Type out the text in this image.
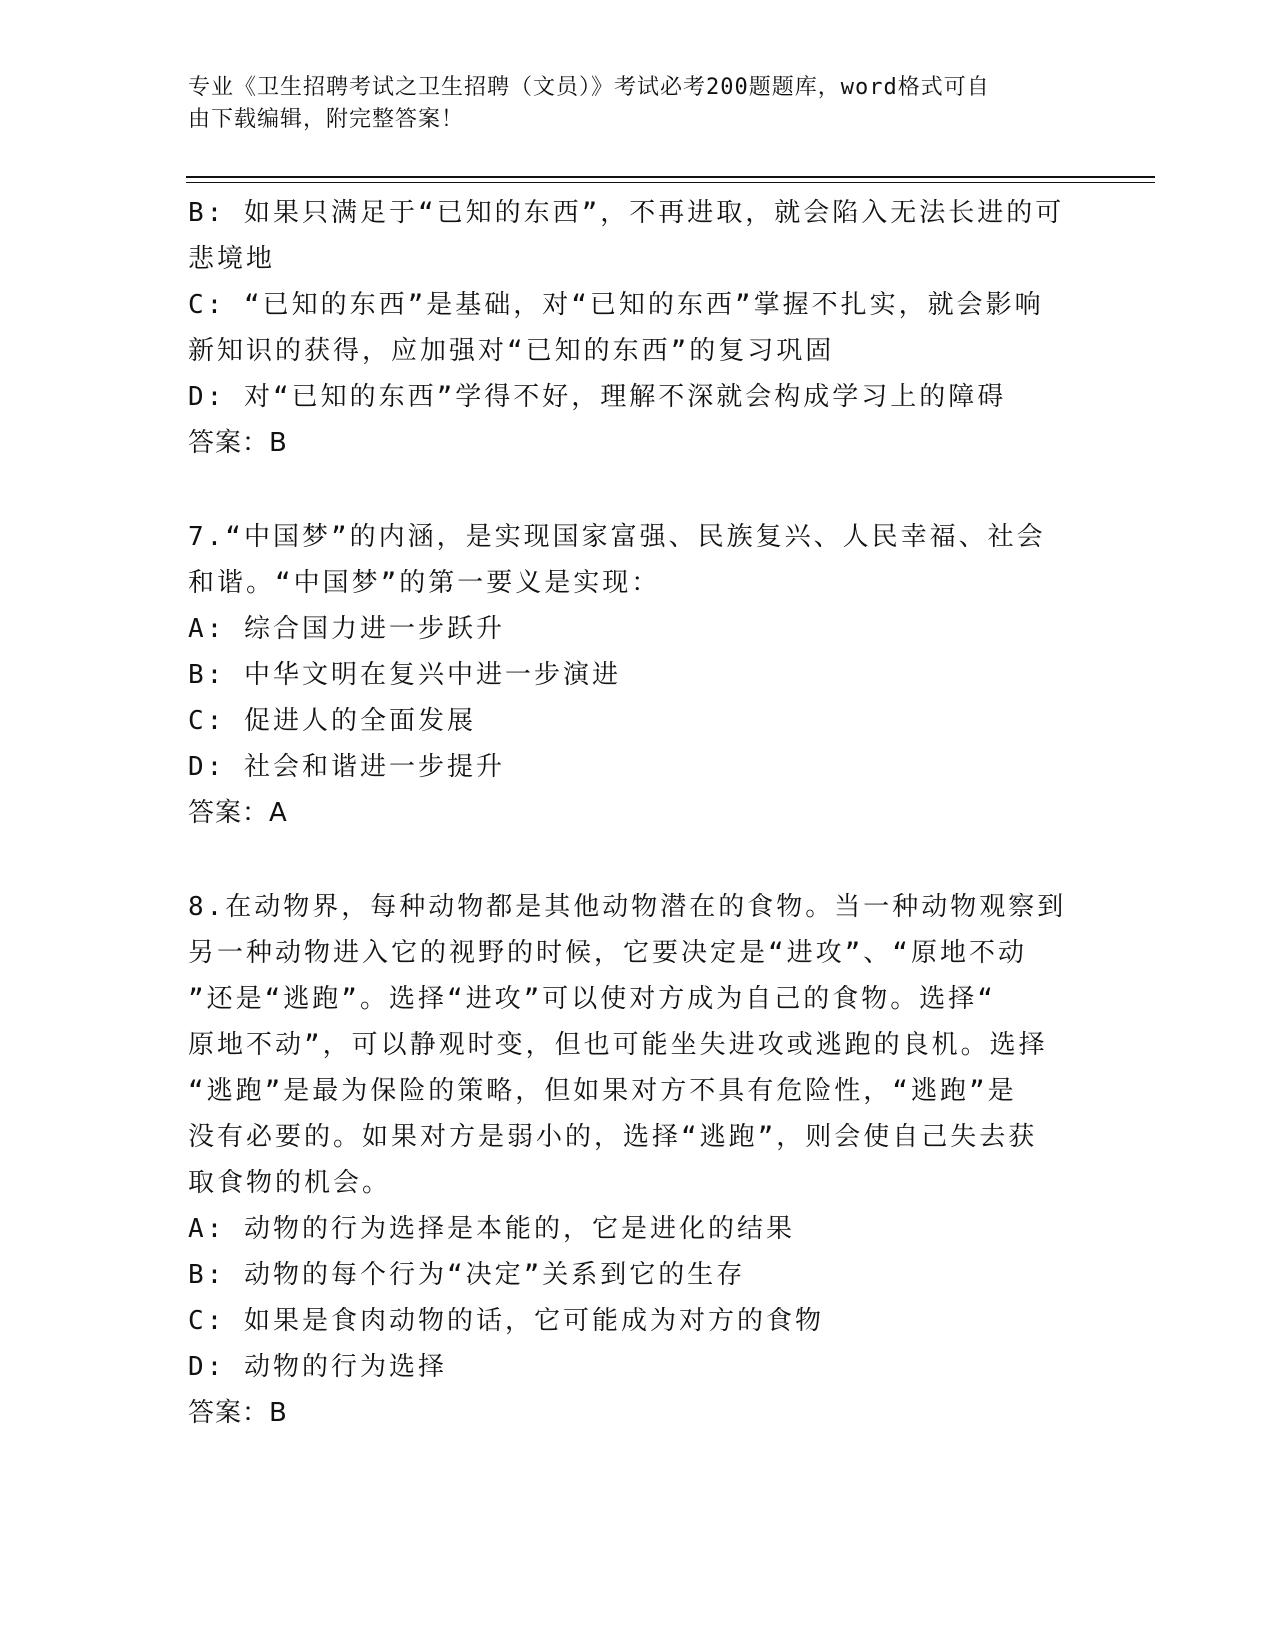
专业《卫生招聘考试之卫生招聘（文员）》考试必考200题题库，word格式可自
由下载编辑，附完整答案！
B: 如果只满足于“已知的东西”，不再进取，就会陷入无法长进的可
悲境地
C: “已知的东西”是基础，对“已知的东西”掌握不扎实，就会影响
新知识的获得，应加强对“已知的东西”的复习巩固
D: 对“已知的东西”学得不好，理解不深就会构成学习上的障碍
答案：B
7.“中国梦”的内涵，是实现国家富强、民族复兴、人民幸福、社会
和谐。“中国梦”的第一要义是实现：
A: 综合国力进一步跃升
B: 中华文明在复兴中进一步演进
C: 促进人的全面发展
D: 社会和谐进一步提升
答案：A
8.在动物界，每种动物都是其他动物潜在的食物。当一种动物观察到
另一种动物进入它的视野的时候，它要决定是“进攻”、“原地不动
”还是“逃跑”。选择“进攻”可以使对方成为自己的食物。选择“
原地不动”，可以静观时变，但也可能坐失进攻或逃跑的良机。选择
“逃跑”是最为保险的策略，但如果对方不具有危险性，“逃跑”是
没有必要的。如果对方是弱小的，选择“逃跑”，则会使自己失去获
取食物的机会。
A: 动物的行为选择是本能的，它是进化的结果
B: 动物的每个行为“决定”关系到它的生存
C: 如果是食肉动物的话，它可能成为对方的食物
D: 动物的行为选择
答案：B
